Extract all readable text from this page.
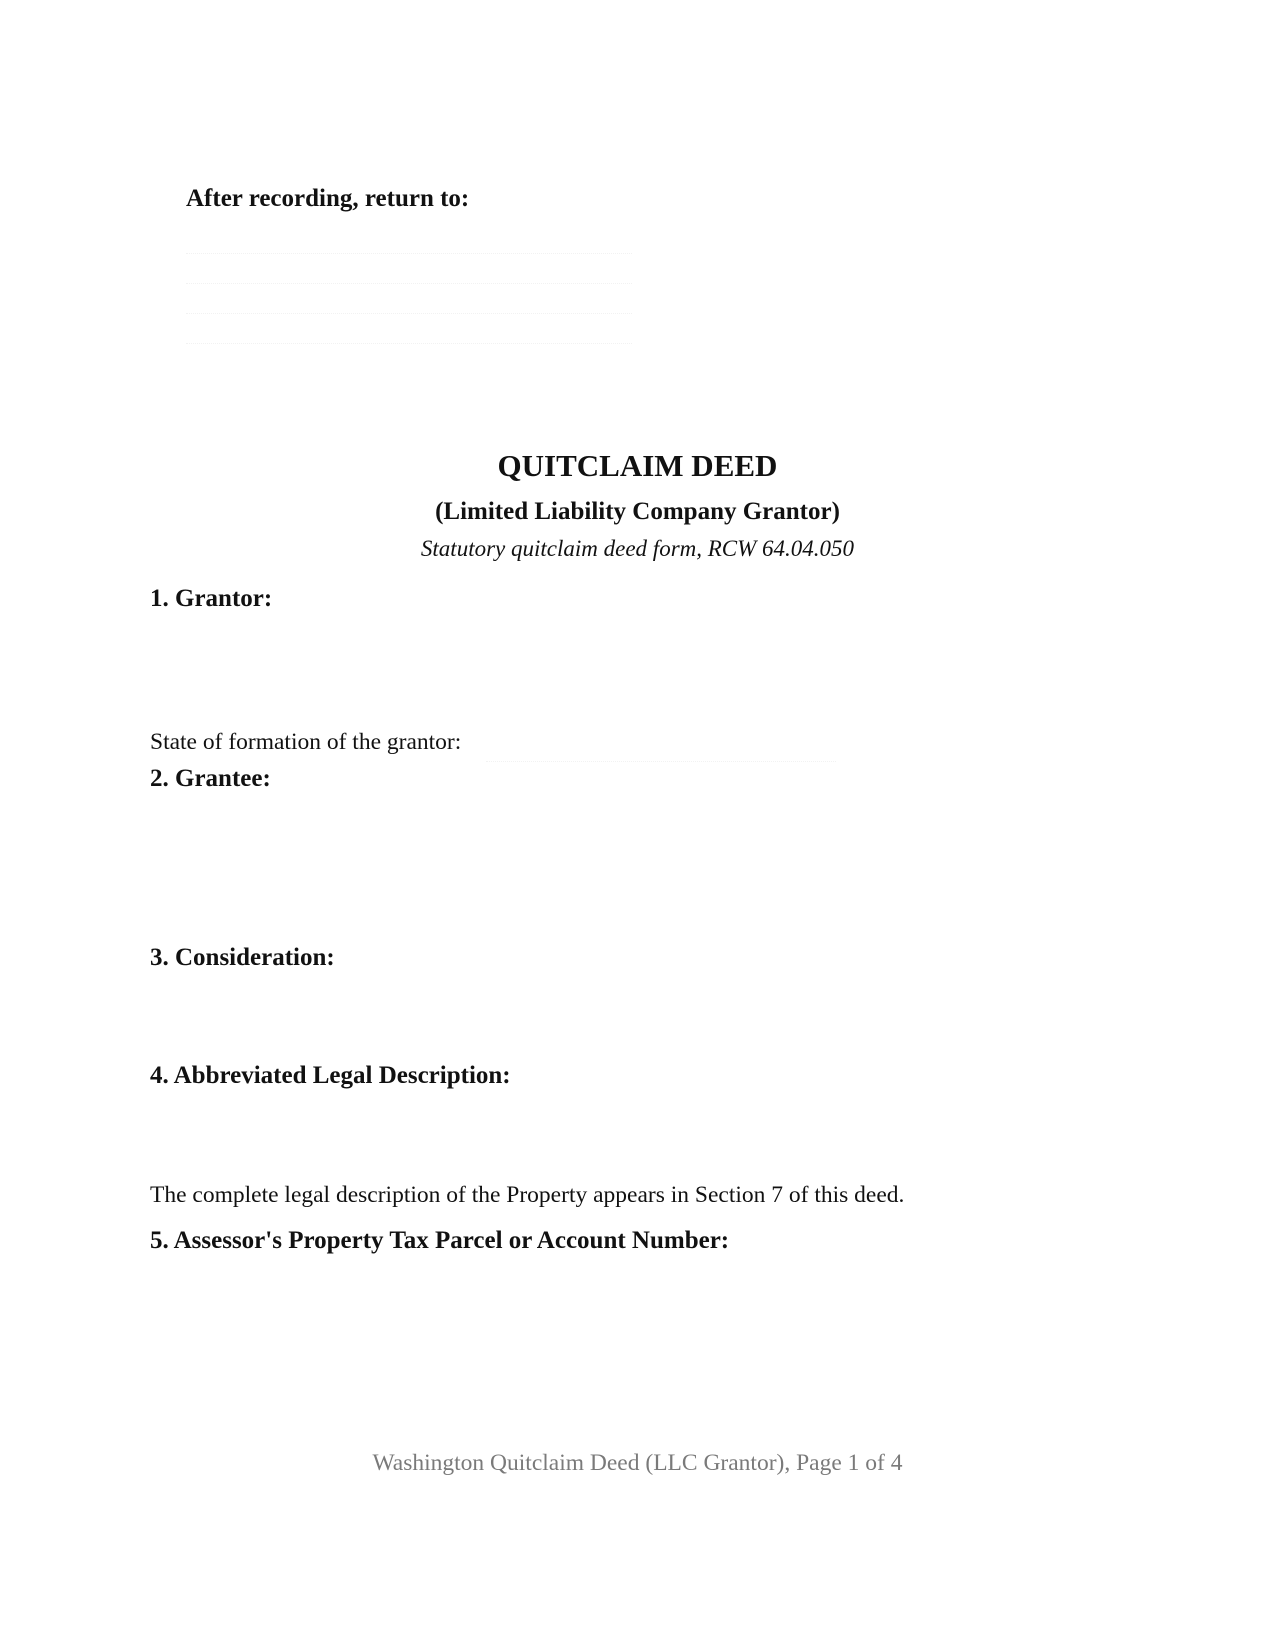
After recording, return to:
QUITCLAIM DEED
(Limited Liability Company Grantor)
Statutory quitclaim deed form, RCW 64.04.050
1. Grantor:
State of formation of the grantor:
2. Grantee:
3. Consideration:
4. Abbreviated Legal Description:
The complete legal description of the Property appears in Section 7 of this deed.
5. Assessor's Property Tax Parcel or Account Number:
Washington Quitclaim Deed (LLC Grantor), Page 1 of 4
